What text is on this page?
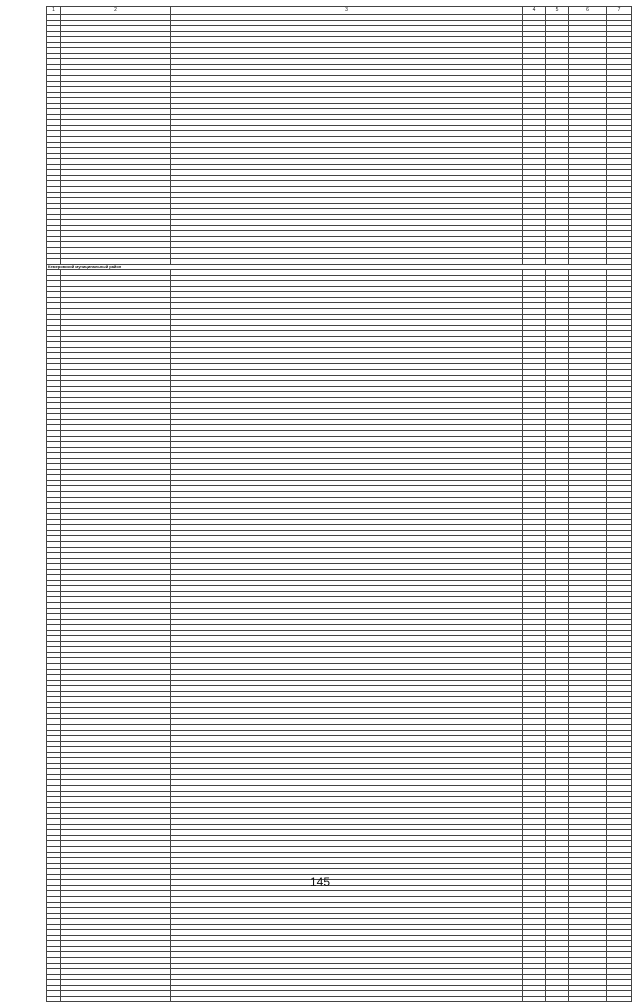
1	2	3	4	5	6	7

Кемеровский муниципальный район						

145
